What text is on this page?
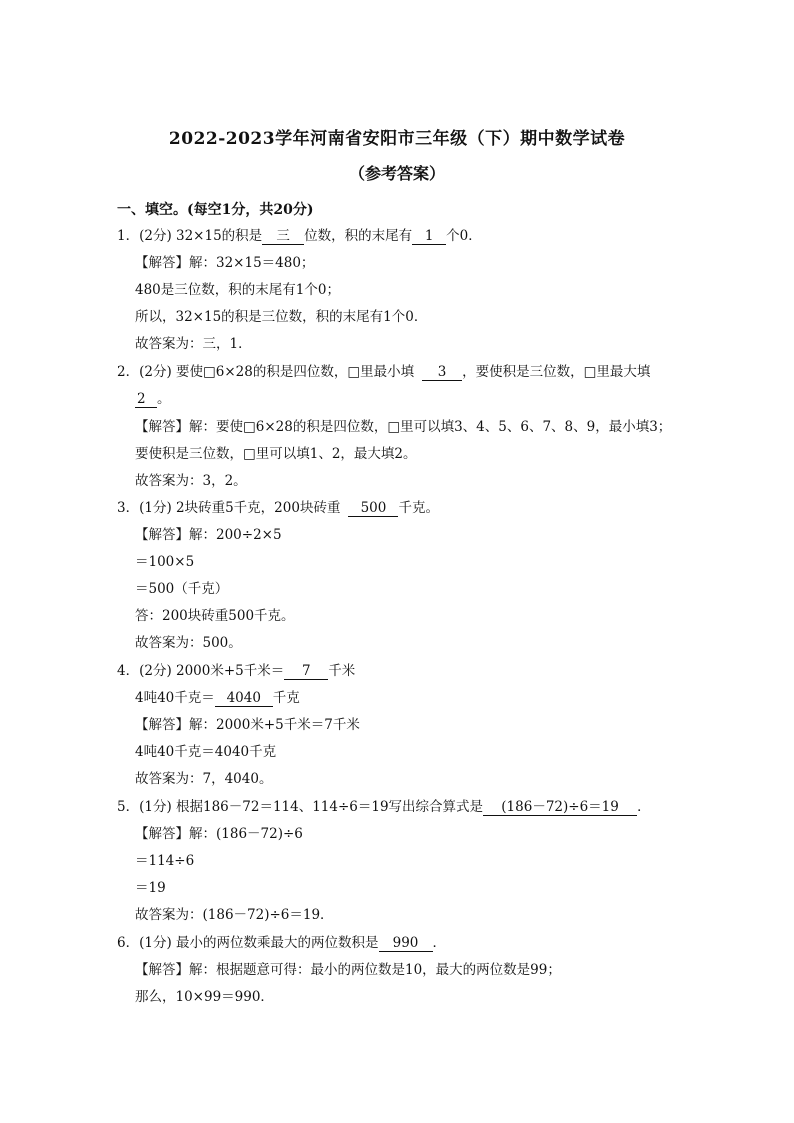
2022-2023学年河南省安阳市三年级（下）期中数学试卷
（参考答案）
一、填空。(每空1分，共20分)
1．(2分) 32×15的积是 三 位数，积的末尾有 1 个0．
【解答】解：32×15＝480；
480是三位数，积的末尾有1个0；
所以，32×15的积是三位数，积的末尾有1个0．
故答案为：三，1．
2．(2分) 要使□6×28的积是四位数，□里最小填 3 ，要使积是三位数，□里最大填
2 。
【解答】解：要使□6×28的积是四位数，□里可以填3、4、5、6、7、8、9，最小填3；
要使积是三位数，□里可以填1、2，最大填2。
故答案为：3，2。
3．(1分) 2块砖重5千克，200块砖重 500 千克。
【解答】解：200÷2×5
＝100×5
＝500（千克）
答：200块砖重500千克。
故答案为：500。
4．(2分) 2000米+5千米＝ 7 千米
4吨40千克＝ 4040 千克
【解答】解：2000米+5千米＝7千米
4吨40千克＝4040千克
故答案为：7，4040。
5．(1分) 根据186－72＝114、114÷6＝19写出综合算式是 (186－72)÷6＝19 ．
【解答】解：(186－72)÷6
＝114÷6
＝19
故答案为：(186－72)÷6＝19．
6．(1分) 最小的两位数乘最大的两位数积是 990 ．
【解答】解：根据题意可得：最小的两位数是10，最大的两位数是99；
那么，10×99＝990．
